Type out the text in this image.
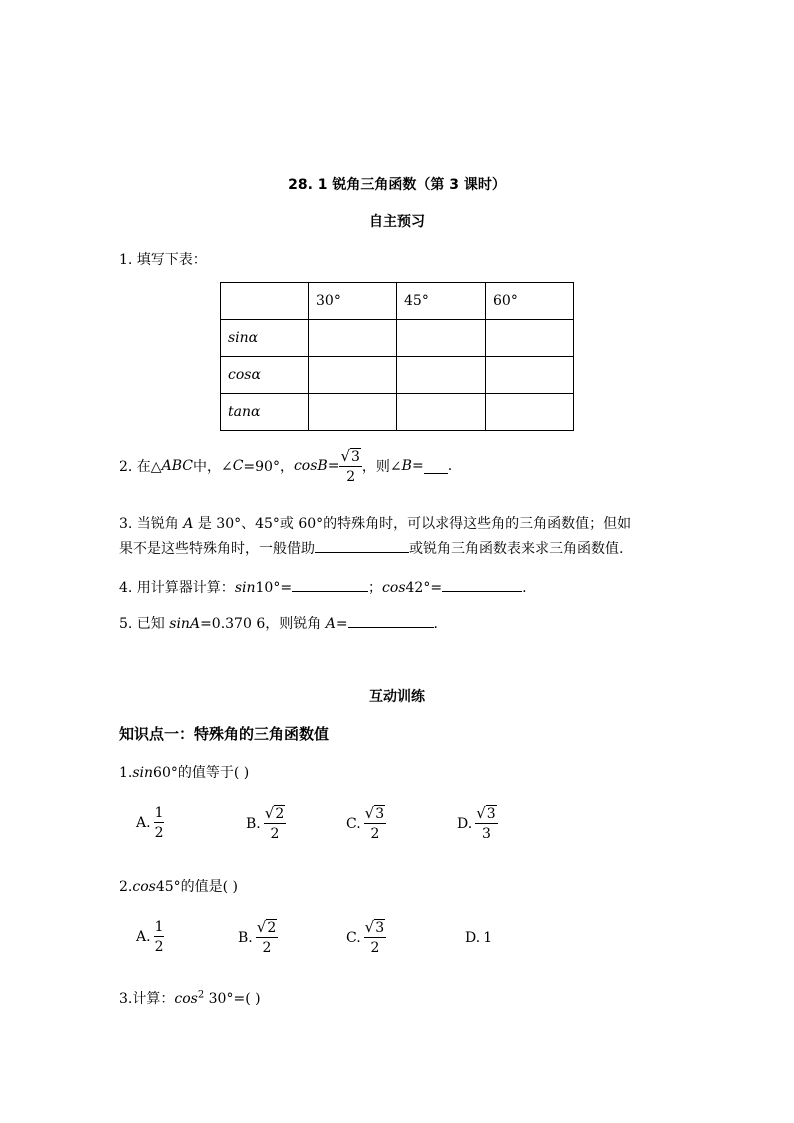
28. 1 锐角三角函数（第 3 课时）
自主预习
1. 填写下表：
	30°	45°	60°
sinα			
cosα			
tanα			
2. 在△ ABC 中，∠ C =90°， $\cos B = \frac{√3}{2}$ ，则∠ B = .
3. 当锐角 A 是 30°、45°或 60°的特殊角时，可以求得这些角的三角函数值；但如
果不是这些特殊角时，一般借助	或锐角三角函数表来求三角函数值.
4. 用计算器计算：sin10°=	；cos42°=	.
5. 已知 sinA=0.370 6，则锐角 A=	.
互动训练
知识点一：特殊角的三角函数值
1.sin60°的值等于( )
A. $\frac{1}{2}$	B. $\frac{√2}{2}$	C. $\frac{√3}{2}$	D. $\frac{√3}{3}$
2.cos45°的值是( )
A. $\frac{1}{2}$	B. $\frac{√2}{2}$	C. $\frac{√3}{2}$	D. 1
3.计算：$\cos^2 30^\circ=$( )
